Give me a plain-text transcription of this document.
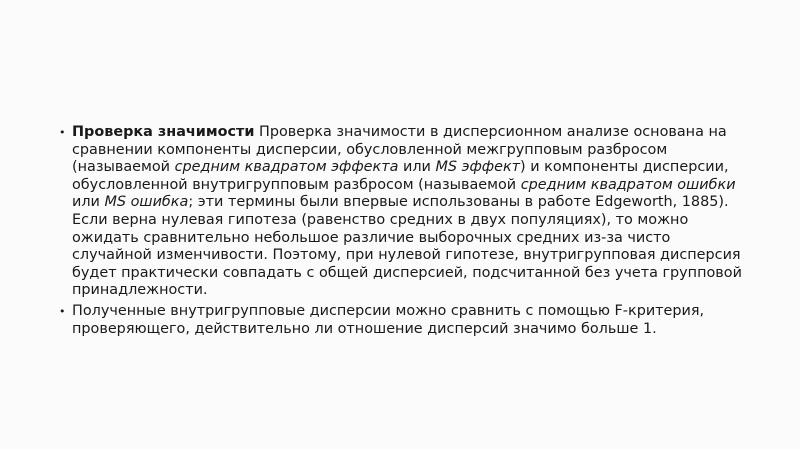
• Проверка значимости Проверка значимости в дисперсионном анализе основана на сравнении компоненты дисперсии, обусловленной межгрупповым разбросом (называемой средним квадратом эффекта или MS эффект) и компоненты дисперсии, обусловленной внутригрупповым разбросом (называемой средним квадратом ошибки или MS ошибка; эти термины были впервые использованы в работе Edgeworth, 1885). Если верна нулевая гипотеза (равенство средних в двух популяциях), то можно ожидать сравнительно небольшое различие выборочных средних из-за чисто случайной изменчивости. Поэтому, при нулевой гипотезе, внутригрупповая дисперсия будет практически совпадать с общей дисперсией, подсчитанной без учета групповой принадлежности.
• Полученные внутригрупповые дисперсии можно сравнить с помощью F-критерия, проверяющего, действительно ли отношение дисперсий значимо больше 1.
